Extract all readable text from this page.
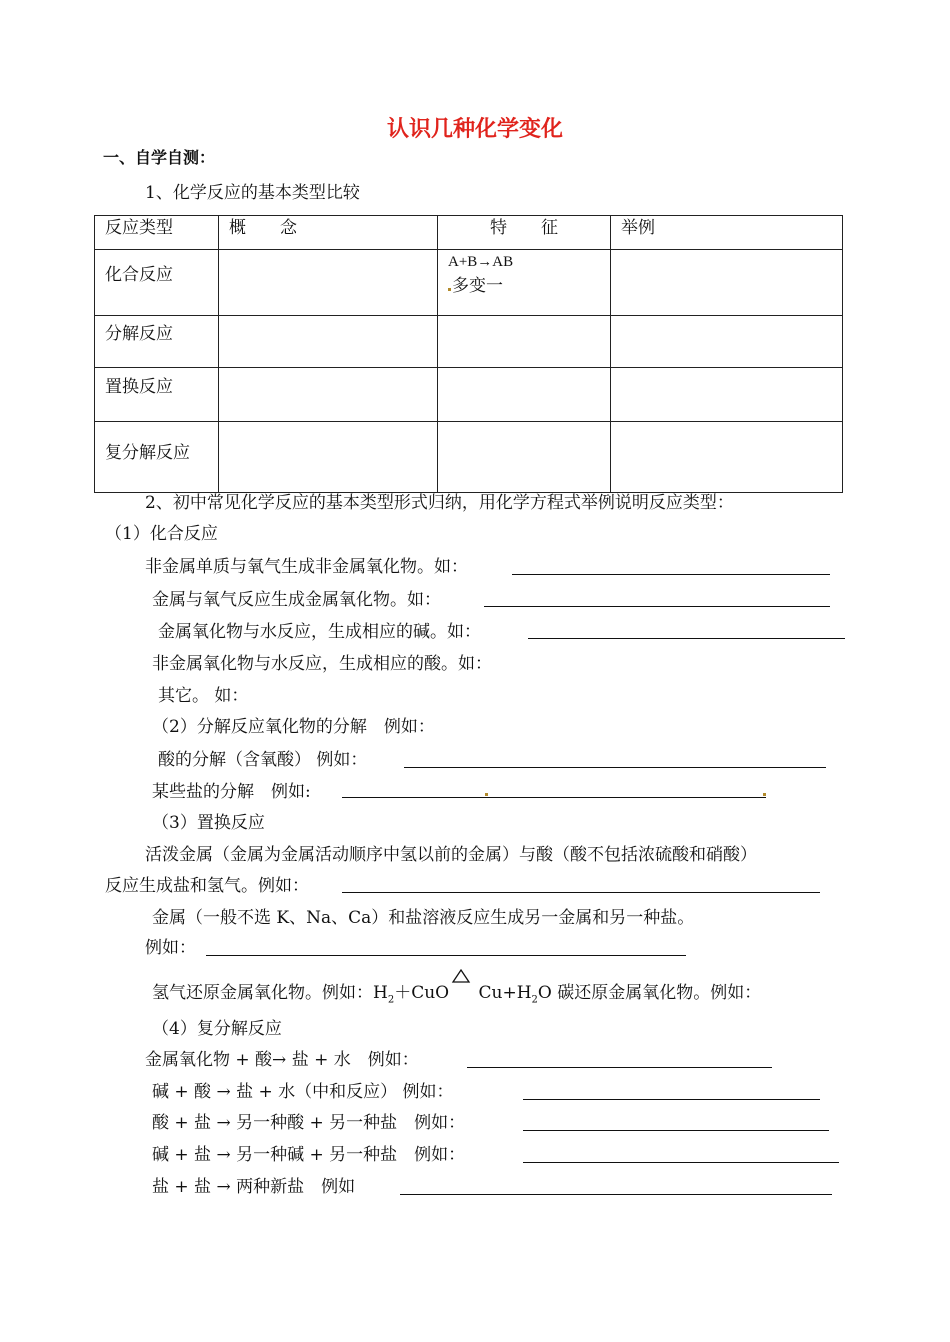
认识几种化学变化
一、自学自测：
1、化学反应的基本类型比较
反应类型	概　　念	特　　征	举例

化合反应		A+B→AB
多变一	

分解反应			

置换反应			

复分解反应			

2、初中常见化学反应的基本类型形式归纳，用化学方程式举例说明反应类型：
（1）化合反应
非金属单质与氧气生成非金属氧化物。如：
金属与氧气反应生成金属氧化物。如：
金属氧化物与水反应，生成相应的碱。如：
非金属氧化物与水反应，生成相应的酸。如：
其它。 如：
（2）分解反应氧化物的分解　例如：
酸的分解（含氧酸） 例如：
某些盐的分解　例如:
（3）置换反应
活泼金属（金属为金属活动顺序中氢以前的金属）与酸（酸不包括浓硫酸和硝酸）
反应生成盐和氢气。例如：
金属（一般不选 K、Na、Ca）和盐溶液反应生成另一金属和另一种盐。
例如：
氢气还原金属氧化物。例如：$H_2+CuO$
$Cu+H_2O$ 碳还原金属氧化物。例如：
（4）复分解反应
金属氧化物 + 酸→ 盐 + 水　例如：
碱 + 酸 → 盐 + 水（中和反应） 例如：
酸 + 盐 → 另一种酸 + 另一种盐　例如：
碱 + 盐 → 另一种碱 + 另一种盐　例如：
盐 + 盐 → 两种新盐　例如
